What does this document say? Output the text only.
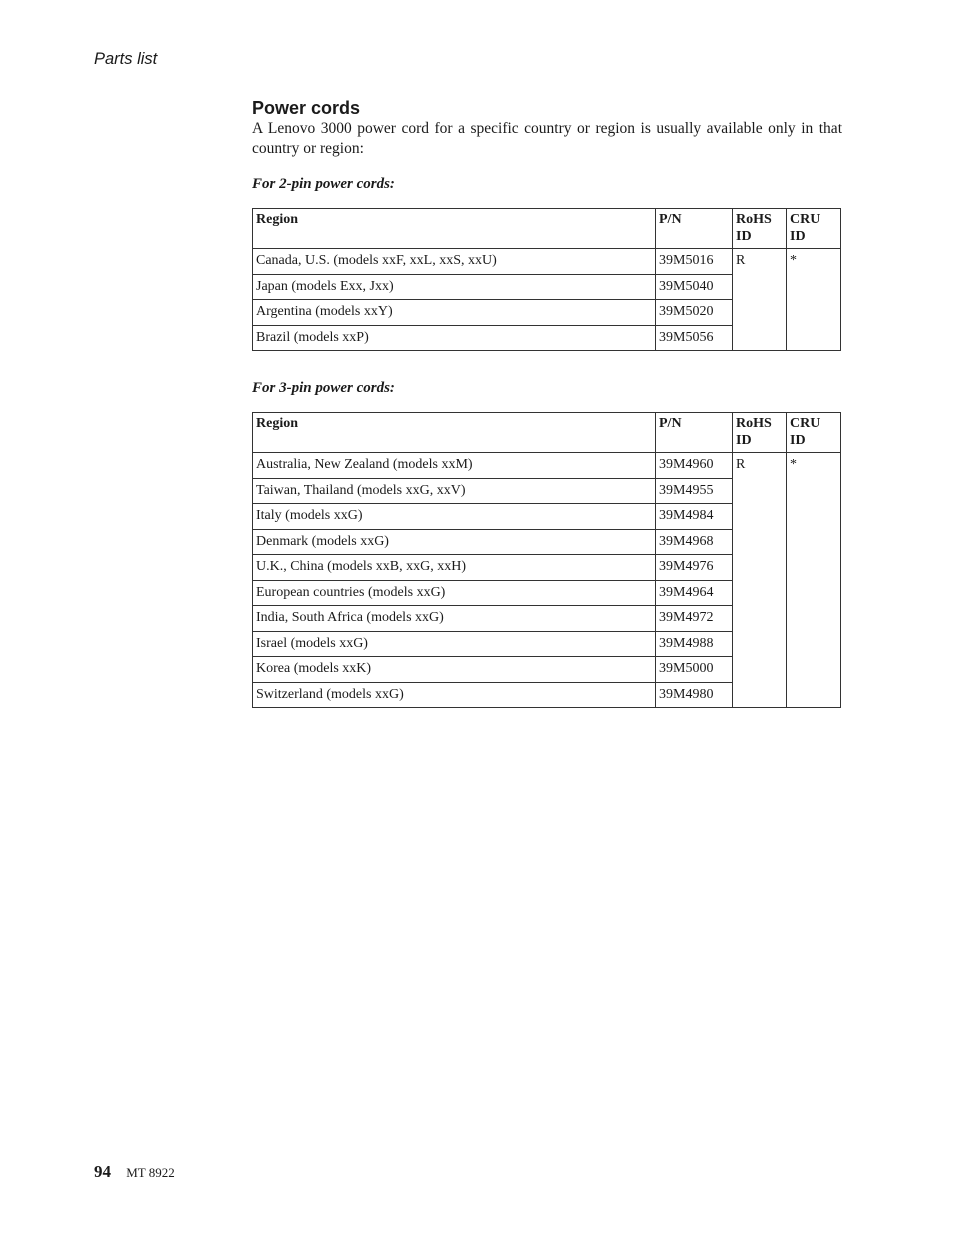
Parts list
Power cords
A Lenovo 3000 power cord for a specific country or region is usually available only in that country or region:
For 2-pin power cords:
Region	P/N	RoHS ID	CRU ID
Canada, U.S. (models xxF, xxL, xxS, xxU)	39M5016	R	*
Japan (models Exx, Jxx)	39M5040		
Argentina (models xxY)	39M5020		
Brazil (models xxP)	39M5056		
For 3-pin power cords:
Region	P/N	RoHS ID	CRU ID
Australia, New Zealand (models xxM)	39M4960	R	*
Taiwan, Thailand (models xxG, xxV)	39M4955		
Italy (models xxG)	39M4984		
Denmark (models xxG)	39M4968		
U.K., China (models xxB, xxG, xxH)	39M4976		
European countries (models xxG)	39M4964		
India, South Africa (models xxG)	39M4972		
Israel (models xxG)	39M4988		
Korea (models xxK)	39M5000		
Switzerland (models xxG)	39M4980		
94 MT 8922
